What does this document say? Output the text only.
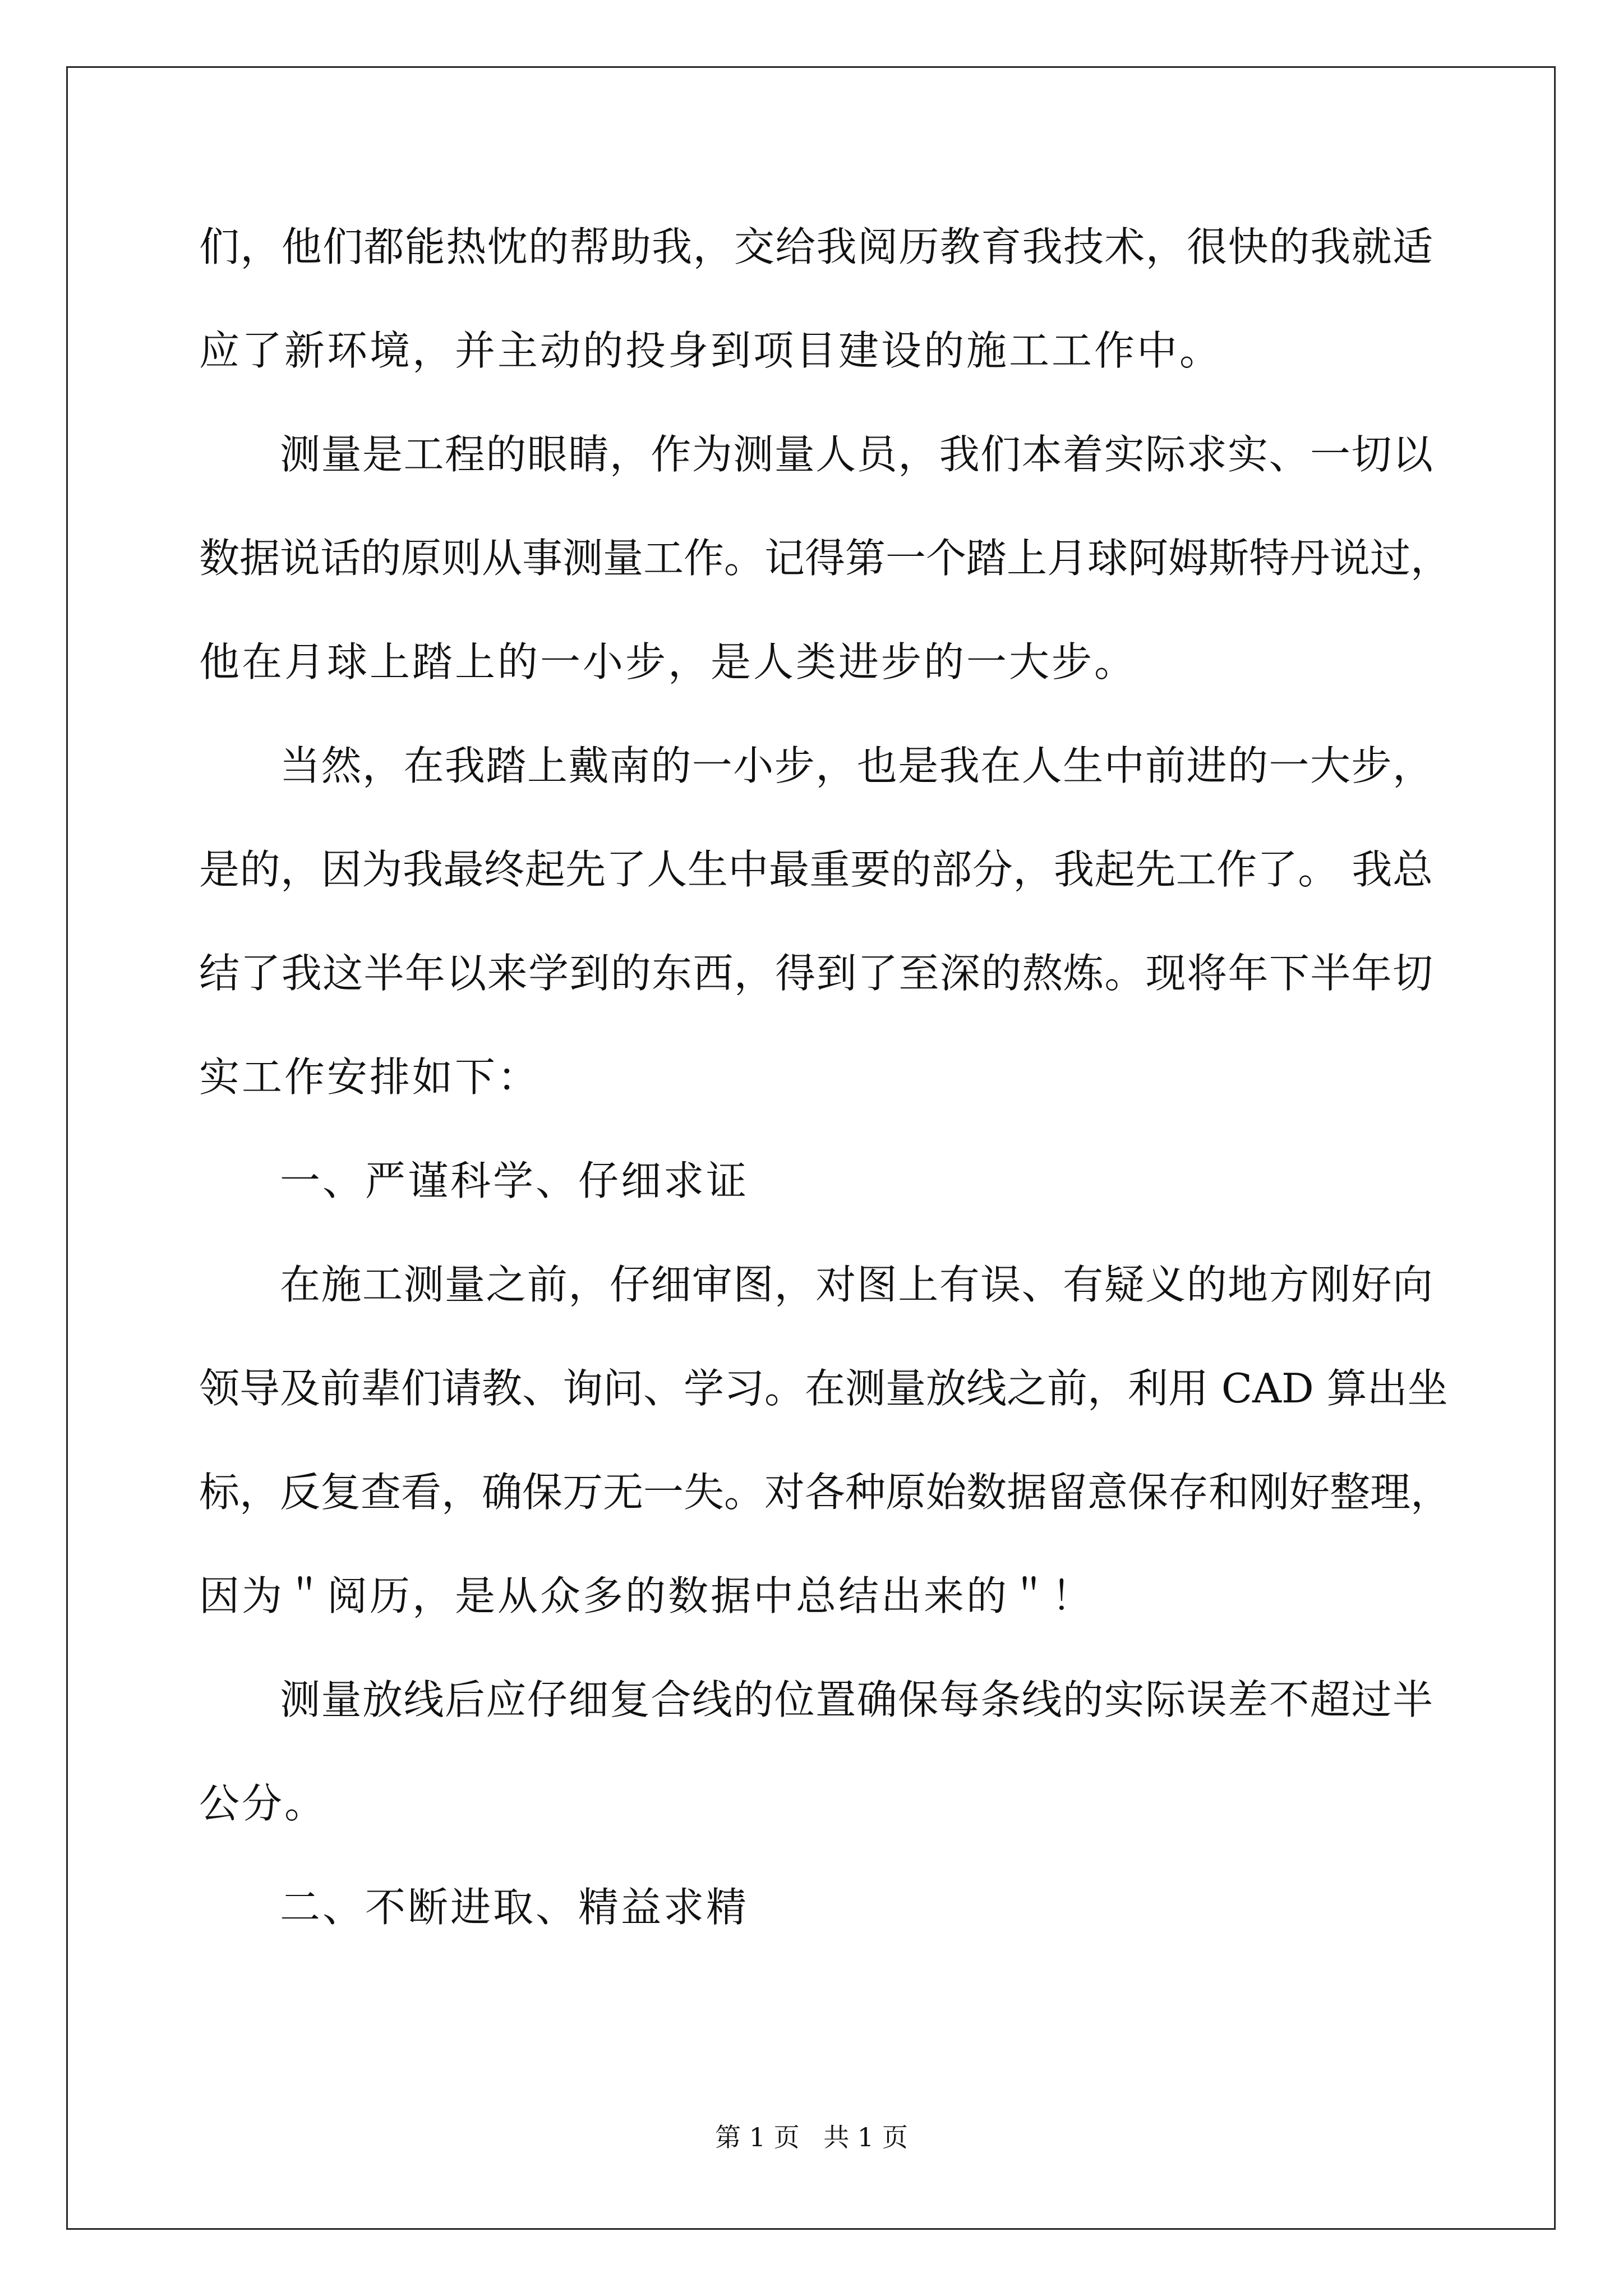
们，他们都能热忱的帮助我，交给我阅历教育我技术，很快的我就适
应了新环境，并主动的投身到项目建设的施工工作中。
测量是工程的眼睛，作为测量人员，我们本着实际求实、一切以
数据说话的原则从事测量工作。记得第一个踏上月球阿姆斯特丹说过，
他在月球上踏上的一小步，是人类进步的一大步。
当然，在我踏上戴南的一小步，也是我在人生中前进的一大步，
是的，因为我最终起先了人生中最重要的部分，我起先工作了。 我总
结了我这半年以来学到的东西，得到了至深的熬炼。现将年下半年切
实工作安排如下：
一、严谨科学、仔细求证
在施工测量之前，仔细审图，对图上有误、有疑义的地方刚好向
领导及前辈们请教、询问、学习。在测量放线之前，利用 CAD 算出坐
标，反复查看，确保万无一失。对各种原始数据留意保存和刚好整理，
因为＂阅历，是从众多的数据中总结出来的＂！
测量放线后应仔细复合线的位置确保每条线的实际误差不超过半
公分。
二、不断进取、精益求精
第 1 页 共 1 页
